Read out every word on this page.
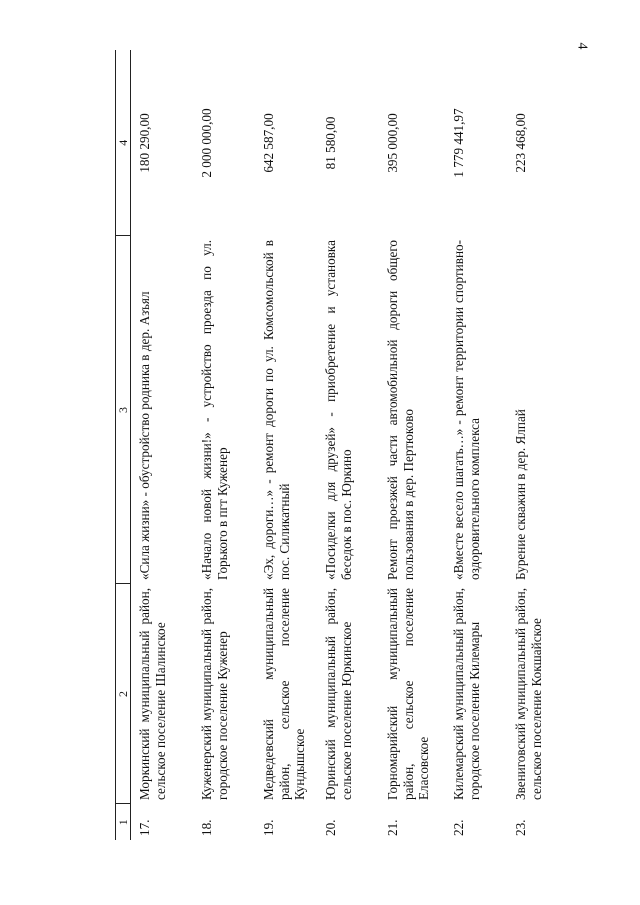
4
1	2	3	4
17.	Моркинский муниципальный район, сельское поселение Шалинское	«Сила жизни» - обустройство родника в дер. Азъял	180 290,00
18.	Куженерский муниципальный район, городское поселение Куженер	«Начало новой жизни!» - устройство проезда по ул. Горького в пгт Куженер	2 000 000,00
19.	Медведевский муниципальный район, сельское поселение Кундышское	«Эх, дороги…» - ремонт дороги по ул. Комсомольской в пос. Силикатный	642 587,00
20.	Юринский муниципальный район, сельское поселение Юркинское	«Посиделки для друзей» - приобретение и установка беседок в пос. Юркино	81 580,00
21.	Горномарийский муниципальный район, сельское поселение Еласовское	Ремонт проезжей части автомобильной дороги общего пользования в дер. Пертюково	395 000,00
22.	Килемарский муниципальный район, городское поселение Килемары	«Вместе весело шагать…» - ремонт территории спортивно-оздоровительного комплекса	1 779 441,97
23.	Звениговский муниципальный район, сельское поселение Кокшайское	Бурение скважин в дер. Ялпай	223 468,00
